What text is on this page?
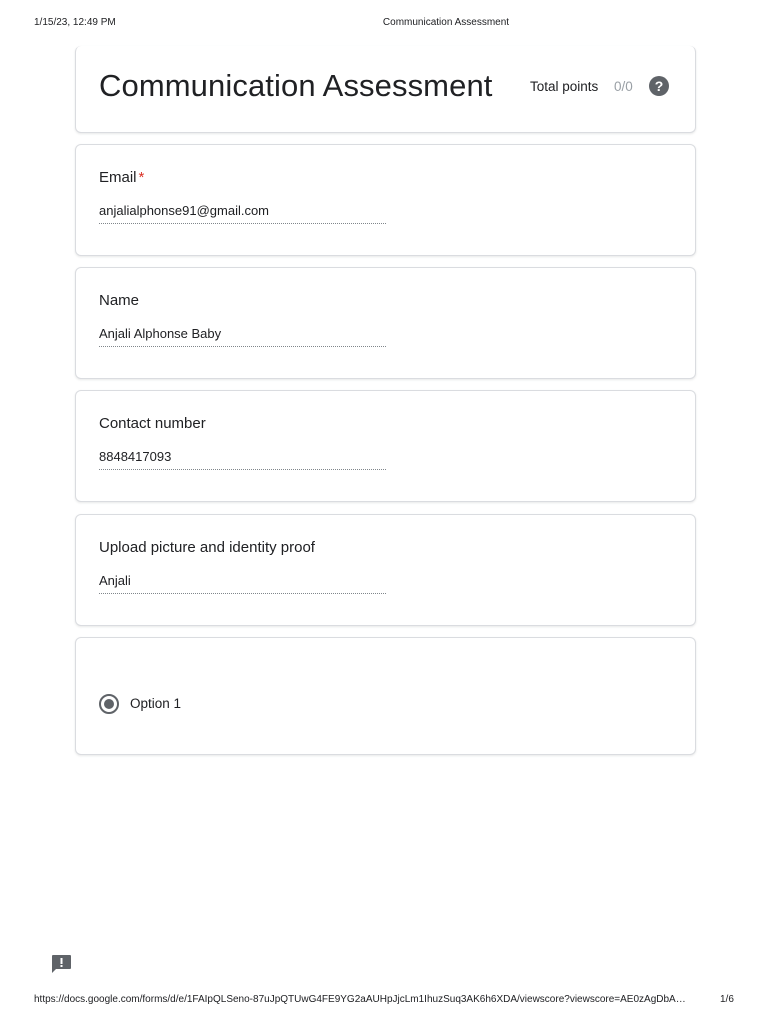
1/15/23, 12:49 PM	Communication Assessment
Communication Assessment	Total points 0/0	?
Email *
anjalialphonse91@gmail.com
Name
Anjali Alphonse Baby
Contact number
8848417093
Upload picture and identity proof
Anjali
Option 1
https://docs.google.com/forms/d/e/1FAIpQLSeno-87uJpQTUwG4FE9YG2aAUHpJjcLm1IhuzSuq3AK6h6XDA/viewscore?viewscore=AE0zAgDbA…	1/6
